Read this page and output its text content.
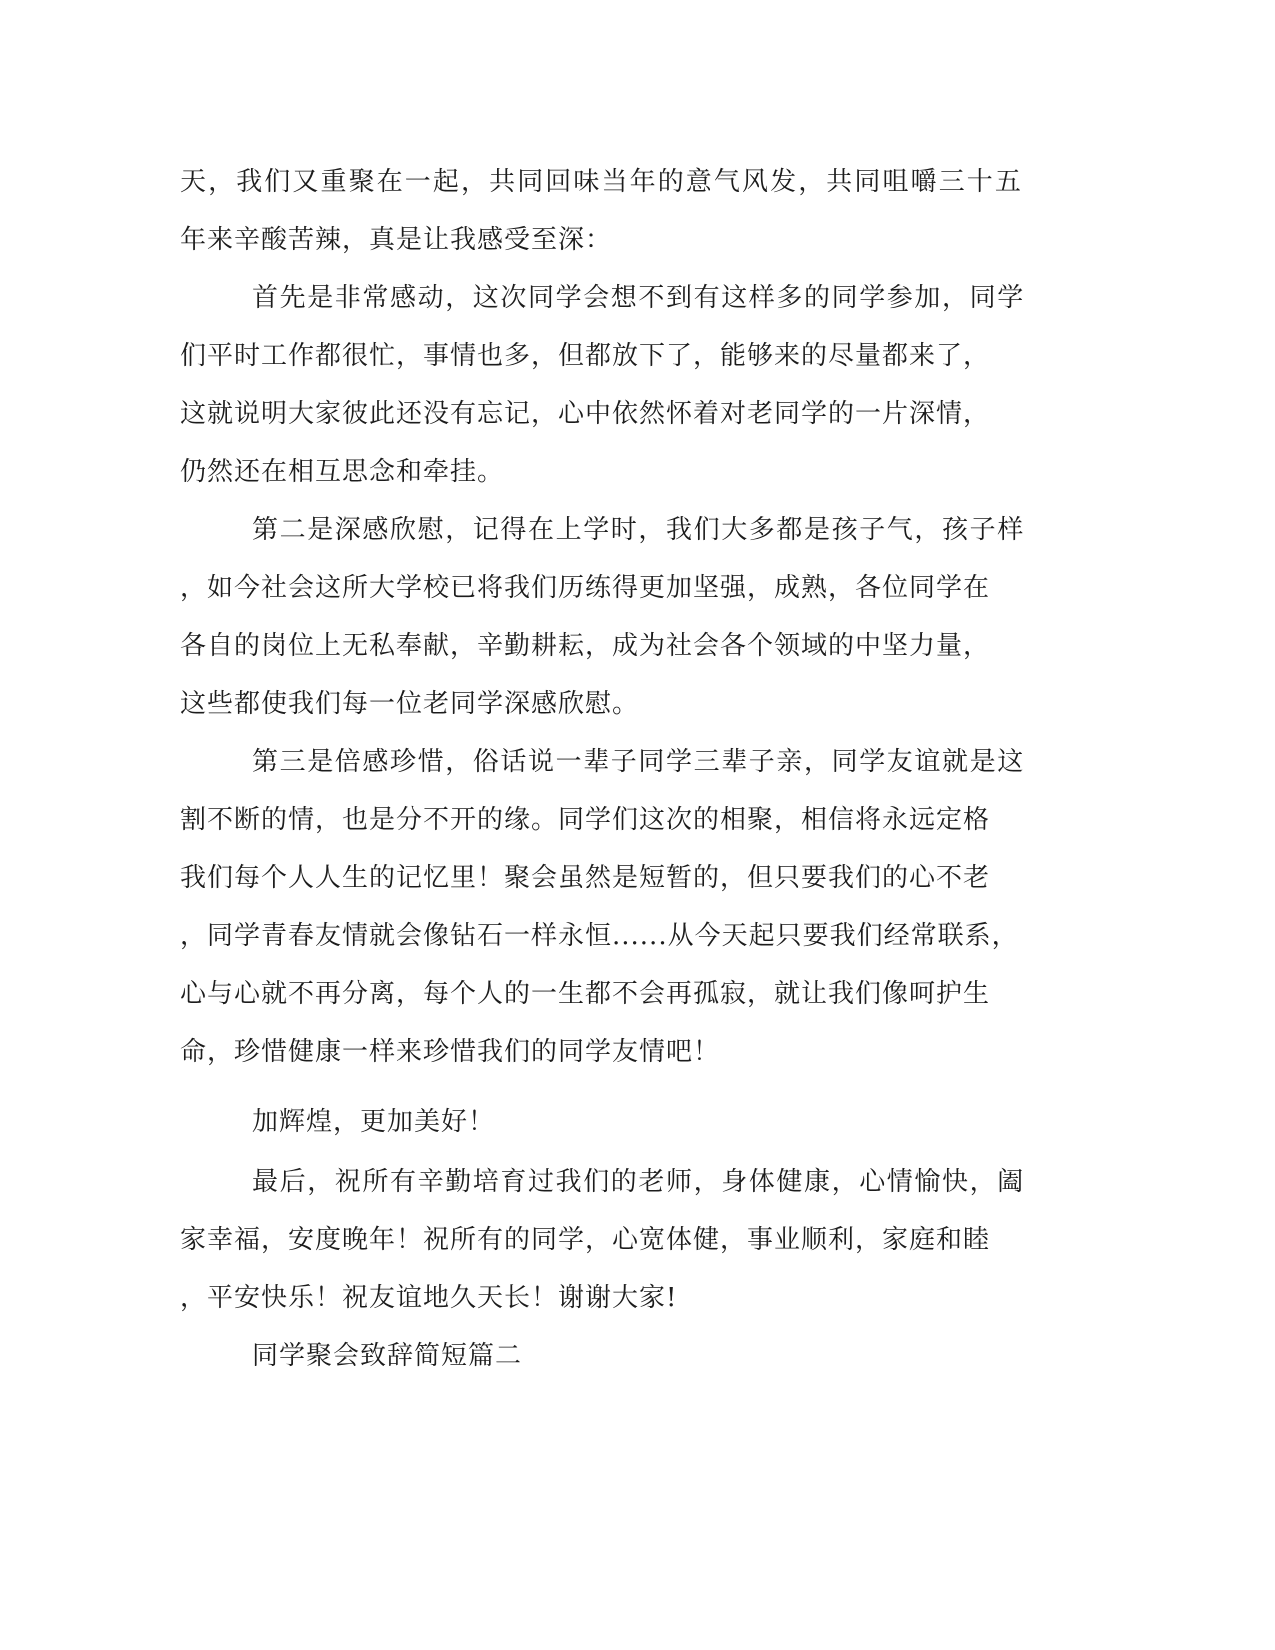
天，我们又重聚在一起，共同回味当年的意气风发，共同咀嚼三十五

年来辛酸苦辣，真是让我感受至深：

首先是非常感动，这次同学会想不到有这样多的同学参加，同学

们平时工作都很忙，事情也多，但都放下了，能够来的尽量都来了，

这就说明大家彼此还没有忘记，心中依然怀着对老同学的一片深情，

仍然还在相互思念和牵挂。

第二是深感欣慰，记得在上学时，我们大多都是孩子气，孩子样

，如今社会这所大学校已将我们历练得更加坚强，成熟，各位同学在

各自的岗位上无私奉献，辛勤耕耘，成为社会各个领域的中坚力量，

这些都使我们每一位老同学深感欣慰。

第三是倍感珍惜，俗话说一辈子同学三辈子亲，同学友谊就是这

割不断的情，也是分不开的缘。同学们这次的相聚，相信将永远定格

我们每个人人生的记忆里！聚会虽然是短暂的，但只要我们的心不老

，同学青春友情就会像钻石一样永恒......从今天起只要我们经常联系，

心与心就不再分离，每个人的一生都不会再孤寂，就让我们像呵护生

命，珍惜健康一样来珍惜我们的同学友情吧！

加辉煌，更加美好！

最后，祝所有辛勤培育过我们的老师，身体健康，心情愉快，阖

家幸福，安度晚年！祝所有的同学，心宽体健，事业顺利，家庭和睦

，平安快乐！祝友谊地久天长！谢谢大家!

同学聚会致辞简短篇二
